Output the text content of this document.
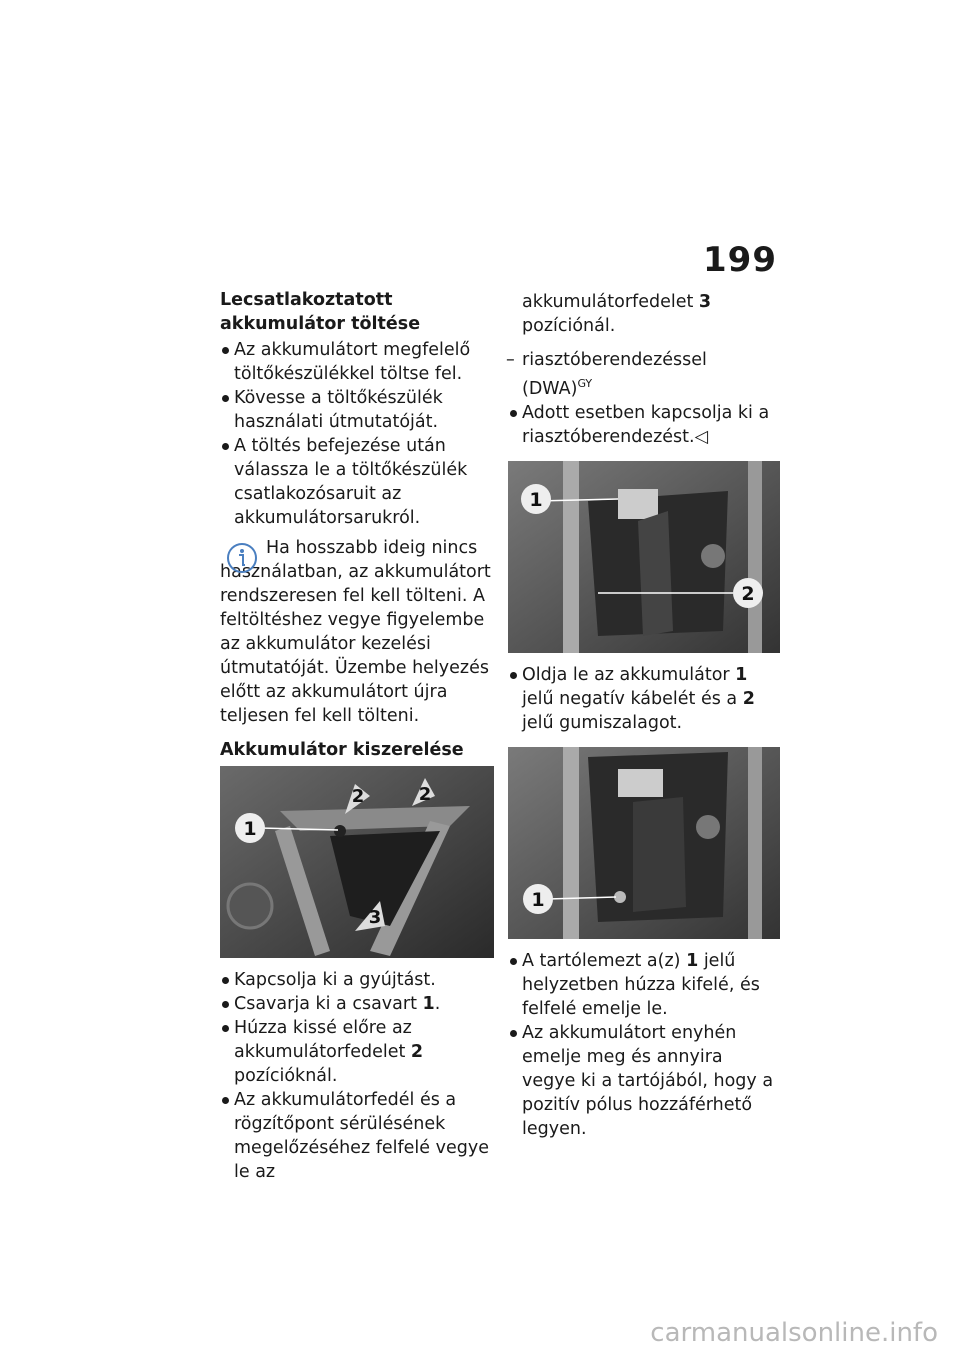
199
Lecsatlakoztatott akkumulátor töltése
Az akkumulátort megfelelő töltőkészülékkel töltse fel.
Kövesse a töltőkészülék használati útmutatóját.
A töltés befejezése után válassza le a töltőkészülék csatlakozósaruit az akkumulátorsarukról.

Ha hosszabb ideig nincs használatban, az akkumulátort rendszeresen fel kell tölteni. A feltöltéshez vegye figyelembe az akkumulátor kezelési útmutatóját. Üzembe helyezés előtt az akkumulátort újra teljesen fel kell tölteni.

Akkumulátor kiszerelése
1
2	2
3
Kapcsolja ki a gyújtást.
Csavarja ki a csavart 1.
Húzza kissé előre az akkumulátorfedelet 2 pozícióknál.
Az akkumulátorfedél és a rögzítőpont sérülésének megelőzéséhez felfelé vegye le az

akkumulátorfedelet 3 pozíciónál.

– riasztóberendezéssel (DWA)$^{GY}$
Adott esetben kapcsolja ki a riasztóberendezést.◁
1
2
Oldja le az akkumulátor 1 jelű negatív kábelét és a 2 jelű gumiszalagot.
1
A tartólemezt a(z) 1 jelű helyzetben húzza kifelé, és felfelé emelje le.
Az akkumulátort enyhén emelje meg és annyira vegye ki a tartójából, hogy a pozitív pólus hozzáférhető legyen.
carmanualsonline.info
